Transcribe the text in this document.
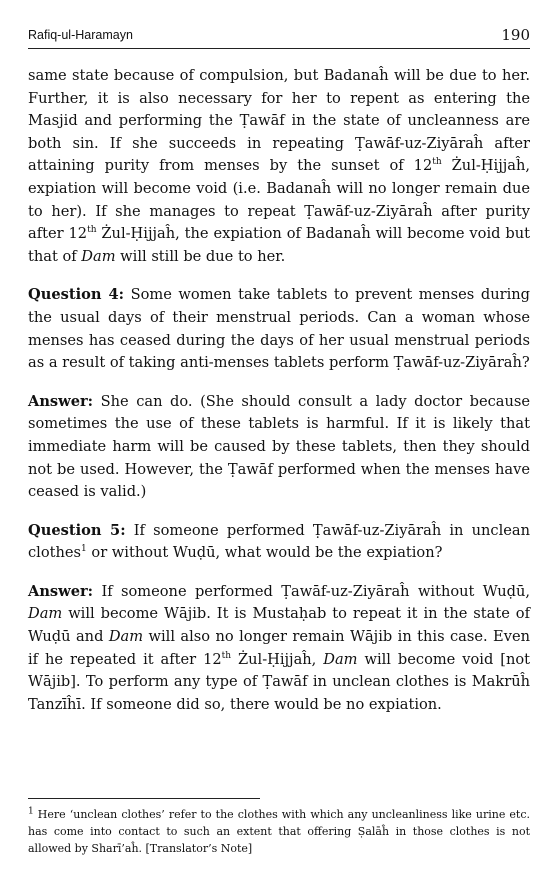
Rafiq-ul-Haramayn	190

same state because of compulsion, but Badanaĥ will be due to her. Further, it is also necessary for her to repent as entering the Masjid and performing the Ṭawāf in the state of uncleanness are both sin. If she succeeds in repeating Ṭawāf-uz-Ziyāraĥ after attaining purity from menses by the sunset of 12th Żul-Ḥijjaĥ, expiation will become void (i.e. Badanaĥ will no longer remain due to her). If she manages to repeat Ṭawāf-uz-Ziyāraĥ after purity after 12th Żul-Ḥijjaĥ, the expiation of Badanaĥ will become void but that of Dam will still be due to her.

Question 4: Some women take tablets to prevent menses during the usual days of their menstrual periods. Can a woman whose menses has ceased during the days of her usual menstrual periods as a result of taking anti-menses tablets perform Ṭawāf-uz-Ziyāraĥ?

Answer: She can do. (She should consult a lady doctor because sometimes the use of these tablets is harmful. If it is likely that immediate harm will be caused by these tablets, then they should not be used. However, the Ṭawāf performed when the menses have ceased is valid.)

Question 5: If someone performed Ṭawāf-uz-Ziyāraĥ in unclean clothes$^1$ or without Wuḍū, what would be the expiation?

Answer: If someone performed Ṭawāf-uz-Ziyāraĥ without Wuḍū, Dam will become Wājib. It is Mustaḥab to repeat it in the state of Wuḍū and Dam will also no longer remain Wājib in this case. Even if he repeated it after 12th Żul-Ḥijjaĥ, Dam will become void [not Wājib]. To perform any type of Ṭawāf in unclean clothes is Makrūĥ Tanzīĥī. If someone did so, there would be no expiation.

$^1$ Here ‘unclean clothes’ refer to the clothes with which any uncleanliness like urine etc. has come into contact to such an extent that offering Ṣalāĥ in those clothes is not allowed by Sharī’aĥ. [Translator’s Note]
